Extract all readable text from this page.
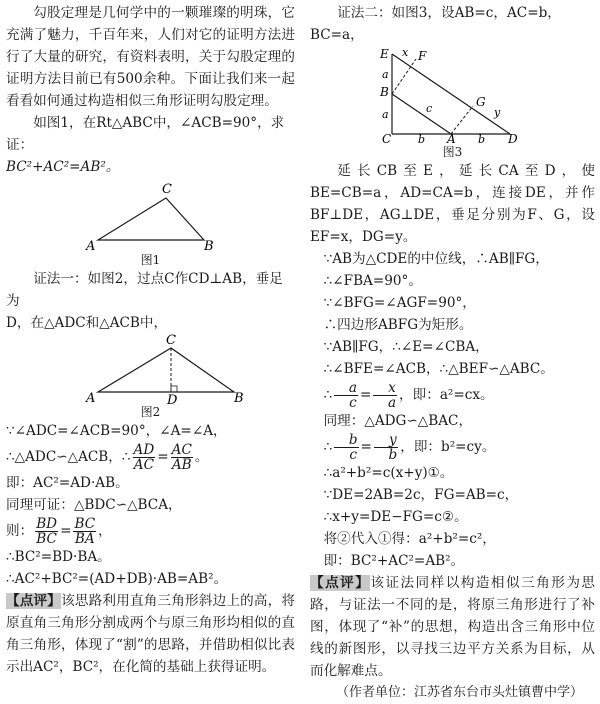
勾股定理是几何学中的一颗璀璨的明珠，它充满了魅力，千百年来，人们对它的证明方法进行了大量的研究，有资料表明，关于勾股定理的证明方法目前已有500余种。下面让我们来一起看看如何通过构造相似三角形证明勾股定理。

如图1，在Rt△ABC中，∠ACB=90°，求证：

BC²+AC²=AB²。

C
A	B

图1

证法一：如图2，过点C作CD⊥AB，垂足为

D，在△ADC和△ACB中，

C
A	D	B

图2

∵∠ADC=∠ACB=90°，∠A=∠A，

∴△ADC∽△ACB，∴ $\frac{AD}{AC} = \frac{AC}{AB}$ 。

即：AC²=AD·AB。

同理可证：△BDC∽△BCA，

则： $\frac{BD}{BC} = \frac{BC}{BA}$ ，

∴BC²=BD·BA。

∴AC²+BC²=(AD+DB)·AB=AB²。

【点评】该思路利用直角三角形斜边上的高，将原直角三角形分割成两个与原三角形均相似的直角三角形，体现了“割”的思路，并借助相似比表示出AC²，BC²，在化简的基础上获得证明。

证法二：如图3，设AB=c，AC=b，BC=a，

E x F
B
c	G
a
y
a
C b A b D

图3

延长CB至E，延长CA至D，使BE=CB=a，AD=CA=b，连接DE，并作BF⊥DE，AG⊥DE，垂足分别为F、G，设EF=x，DG=y。

∵AB为△CDE的中位线，∴AB∥FG，

∴∠FBA=90°。

∵∠BFG=∠AGF=90°，

∴四边形ABFG为矩形。

∵AB∥FG，∴∠E=∠CBA，

∴∠BFE=∠ACB，∴△BEF∽△ABC。

∴ $\frac{a}{c} = \frac{x}{a}$ ，即：a²=cx。

同理：△ADG∽△BAC，

∴ $\frac{b}{c} = \frac{y}{b}$ ，即：b²=cy。

∴a²+b²=c(x+y)①。

∵DE=2AB=2c，FG=AB=c，

∴x+y=DE−FG=c②。

将②代入①得：a²+b²=c²，

即：BC²+AC²=AB²。

【点评】该证法同样以构造相似三角形为思路，与证法一不同的是，将原三角形进行了补图，体现了“补”的思想，构造出含三角形中位线的新图形，以寻找三边平方关系为目标，从而化解难点。

（作者单位：江苏省东台市头灶镇曹中学）
